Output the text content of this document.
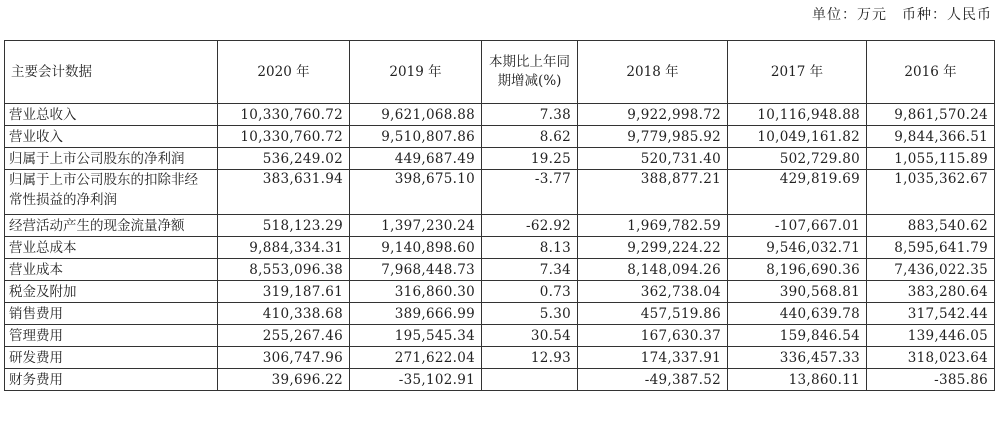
单位：万元　币种：人民币
主要会计数据	2020 年	2019 年	本期比上年同期增减(%)	2018 年	2017 年	2016 年
营业总收入	10,330,760.72	9,621,068.88	7.38	9,922,998.72	10,116,948.88	9,861,570.24
营业收入	10,330,760.72	9,510,807.86	8.62	9,779,985.92	10,049,161.82	9,844,366.51
归属于上市公司股东的净利润	536,249.02	449,687.49	19.25	520,731.40	502,729.80	1,055,115.89
归属于上市公司股东的扣除非经常性损益的净利润	383,631.94	398,675.10	-3.77	388,877.21	429,819.69	1,035,362.67
经营活动产生的现金流量净额	518,123.29	1,397,230.24	-62.92	1,969,782.59	-107,667.01	883,540.62
营业总成本	9,884,334.31	9,140,898.60	8.13	9,299,224.22	9,546,032.71	8,595,641.79
营业成本	8,553,096.38	7,968,448.73	7.34	8,148,094.26	8,196,690.36	7,436,022.35
税金及附加	319,187.61	316,860.30	0.73	362,738.04	390,568.81	383,280.64
销售费用	410,338.68	389,666.99	5.30	457,519.86	440,639.78	317,542.44
管理费用	255,267.46	195,545.34	30.54	167,630.37	159,846.54	139,446.05
研发费用	306,747.96	271,622.04	12.93	174,337.91	336,457.33	318,023.64
财务费用	39,696.22	-35,102.91		-49,387.52	13,860.11	-385.86
